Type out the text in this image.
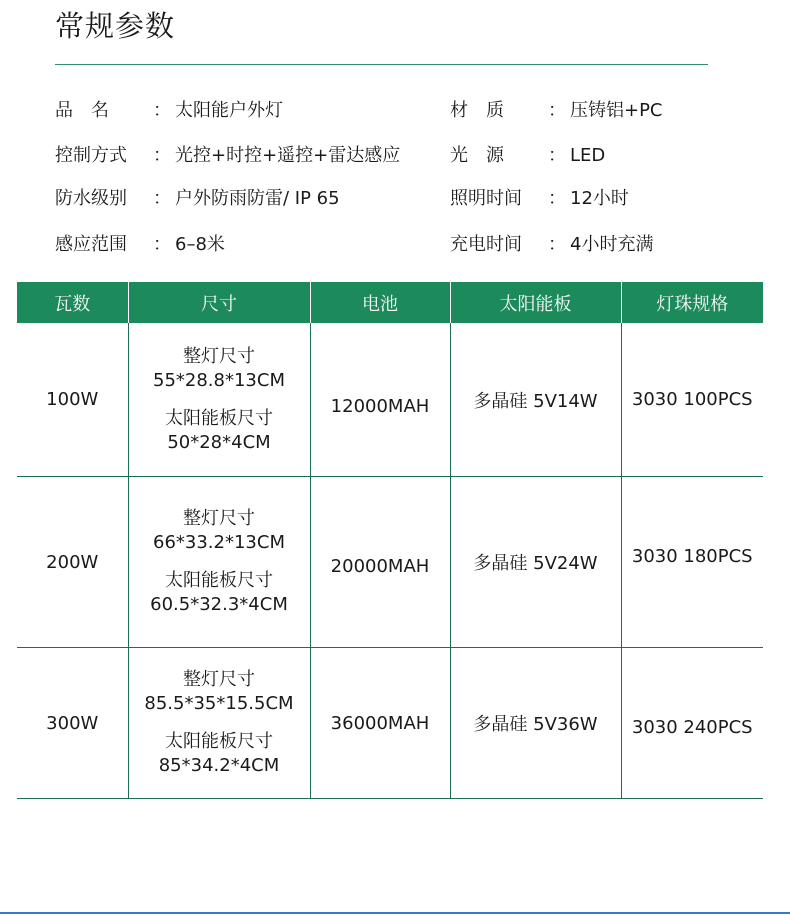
常规参数
品　名 ： 太阳能户外灯	材　质 ： 压铸铝+PC
控制方式 ： 光控+时控+遥控+雷达感应	光　源 ： LED
防水级别 ： 户外防雨防雷/ IP 65	照明时间 ： 12小时
感应范围 ： 6–8米	充电时间 ： 4小时充满
瓦数	尺寸	电池	太阳能板	灯珠规格
100W	整灯尺寸
55*28.8*13CM
太阳能板尺寸
50*28*4CM	12000MAH	多晶硅 5V14W	3030 100PCS

200W	整灯尺寸
66*33.2*13CM
太阳能板尺寸
60.5*32.3*4CM	20000MAH	多晶硅 5V24W	3030 180PCS

300W	整灯尺寸
85.5*35*15.5CM
太阳能板尺寸
85*34.2*4CM	36000MAH	多晶硅 5V36W	3030 240PCS
